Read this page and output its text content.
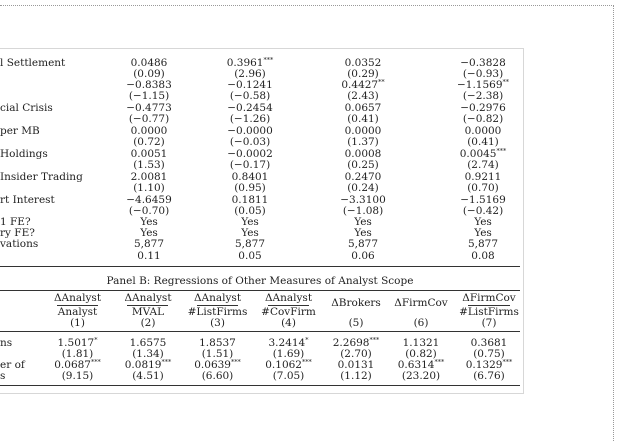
l Settlement	0.0486	0.3961***	0.0352	−0.3828
(0.09)	(2.96)	(0.29)	(−0.93)
−0.8383	−0.1241	0.4427**	−1.1569**
(−1.15)	(−0.58)	(2.43)	(−2.38)
cial Crisis	−0.4773	−0.2454	0.0657	−0.2976
(−0.77)	(−1.26)	(0.41)	(−0.82)
per MB	0.0000	−0.0000	0.0000	0.0000
(0.72)	(−0.03)	(1.37)	(0.41)
Holdings	0.0051	−0.0002	0.0008	0.0045***
(1.53)	(−0.17)	(0.25)	(2.74)
Insider Trading	2.0081	0.8401	0.2470	0.9211
(1.10)	(0.95)	(0.24)	(0.70)
rt Interest	−4.6459	0.1811	−3.3100	−1.5169
(−0.70)	(0.05)	(−1.08)	(−0.42)
1 FE?	Yes	Yes	Yes	Yes
ry FE?	Yes	Yes	Yes	Yes
vations	5,877	5,877	5,877	5,877
0.11	0.05	0.06	0.08
Panel B: Regressions of Other Measures of Analyst Scope
ΔAnalyst	ΔAnalyst	ΔAnalyst	ΔAnalyst	ΔBrokers	ΔFirmCov	ΔFirmCov
Analyst	MVAL	#ListFirms	#CovFirm	#ListFirms
(1)	(2)	(3)	(4)	(5)	(6)	(7)
ns	1.5017*	1.6575	1.8537	3.2414*	2.2698***	1.1321	0.3681
(1.81)	(1.34)	(1.51)	(1.69)	(2.70)	(0.82)	(0.75)
er of	0.0687***	0.0819***	0.0639***	0.1062***	0.0131	0.6314***	0.1329***
s	(9.15)	(4.51)	(6.60)	(7.05)	(1.12)	(23.20)	(6.76)
